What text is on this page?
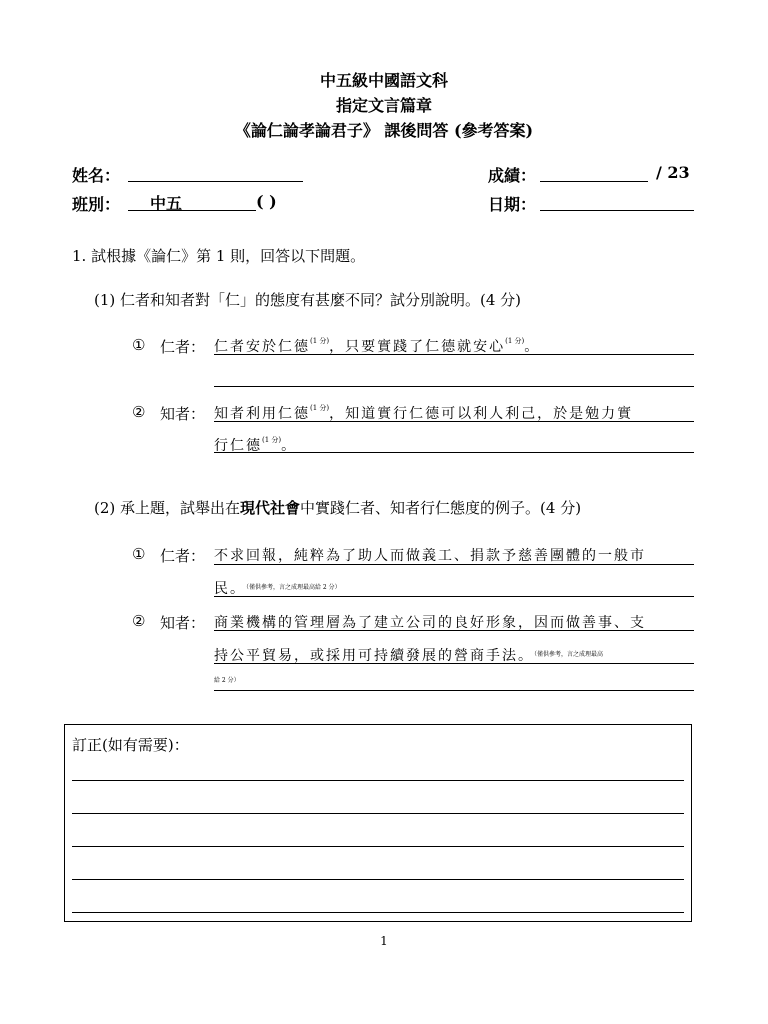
中五級中國語文科
指定文言篇章
《論仁論孝論君子》 課後問答 (參考答案)
姓名：	成績：	/ 23
班別： 中五	( )	日期：
1. 試根據《論仁》第 1 則，回答以下問題。
(1) 仁者和知者對「仁」的態度有甚麼不同？試分別說明。(4 分)
① 仁者： 仁者安於仁德$^{(1 分)}$，只要實踐了仁德就安心$^{(1 分)}$。
② 知者： 知者利用仁德$^{(1 分)}$，知道實行仁德可以利人利己，於是勉力實
行仁德$^{(1 分)}$。
(2) 承上題，試舉出在現代社會中實踐仁者、知者行仁態度的例子。(4 分)
① 仁者： 不求回報，純粹為了助人而做義工、捐款予慈善團體的一般市
民。$^{(僅供參考,言之成理最高給 2 分)}$
② 知者： 商業機構的管理層為了建立公司的良好形象，因而做善事、支
持公平貿易，或採用可持續發展的營商手法。$^{(僅供參考,言之成理最高}$
給 2 分）
訂正(如有需要)：
1
